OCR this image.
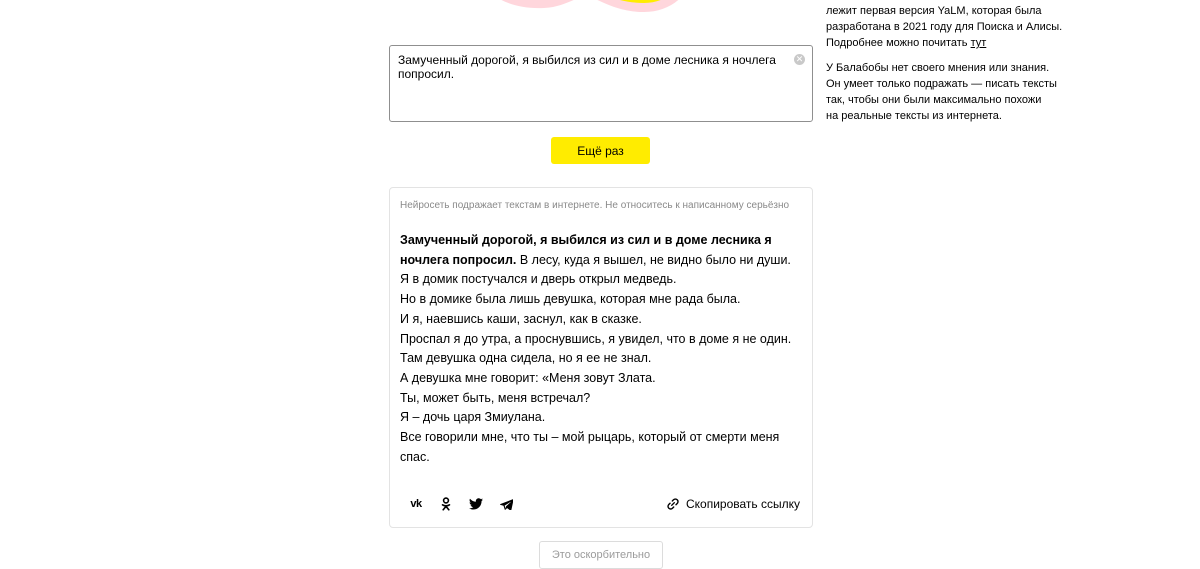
Замученный дорогой, я выбился из сил и в доме лесника я ночлега
попросил.
✕
Ещё раз
Нейросеть подражает текстам в интернете. Не относитесь к написанному серьёзно
Замученный дорогой, я выбился из сил и в доме лесника я
ночлега попросил. В лесу, куда я вышел, не видно было ни души.
Я в домик постучался и дверь открыл медведь.
Но в домике была лишь девушка, которая мне рада была.
И я, наевшись каши, заснул, как в сказке.
Проспал я до утра, а проснувшись, я увидел, что в доме я не один.
Там девушка одна сидела, но я ее не знал.
А девушка мне говорит: «Меня зовут Злата.
Ты, может быть, меня встречал?
Я – дочь царя Змиулана.
Все говорили мне, что ты – мой рыцарь, который от смерти меня
спас.
vk	Скопировать ссылку
Это оскорбительно

лежит первая версия YaLM, которая была
разработана в 2021 году для Поиска и Алисы.
Подробнее можно почитать тут

У Балабобы нет своего мнения или знания.
Он умеет только подражать — писать тексты
так, чтобы они были максимально похожи
на реальные тексты из интернета.
